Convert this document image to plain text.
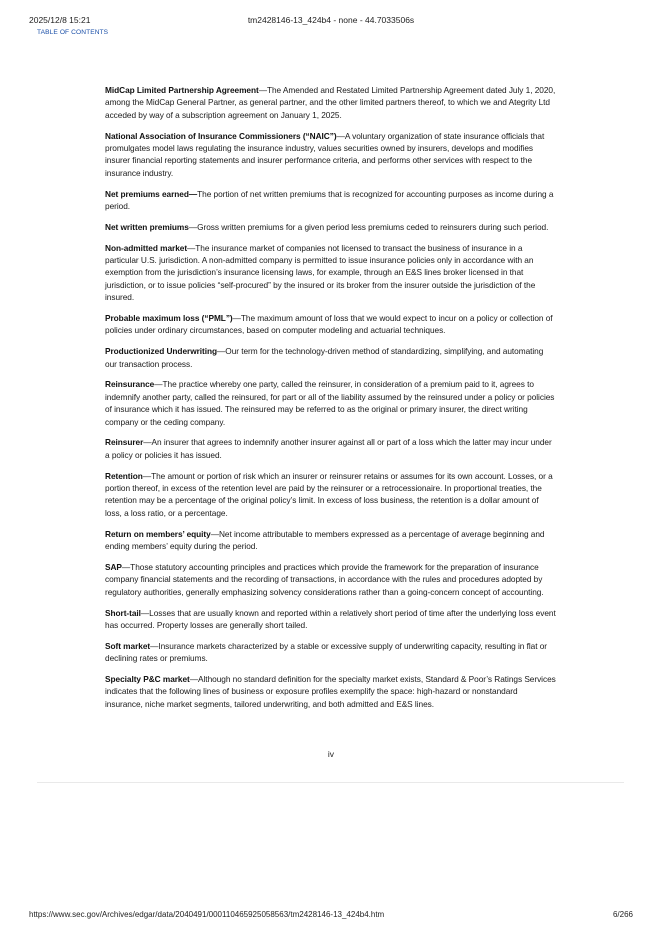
2025/12/8 15:21	tm2428146-13_424b4 - none - 44.7033506s
TABLE OF CONTENTS

MidCap Limited Partnership Agreement—The Amended and Restated Limited Partnership Agreement dated July 1, 2020, among the MidCap General Partner, as general partner, and the other limited partners thereof, to which we and Ategrity Ltd acceded by way of a subscription agreement on January 1, 2025.

National Association of Insurance Commissioners (“NAIC”)—A voluntary organization of state insurance officials that promulgates model laws regulating the insurance industry, values securities owned by insurers, develops and modifies insurer financial reporting statements and insurer performance criteria, and performs other services with respect to the insurance industry.

Net premiums earned—The portion of net written premiums that is recognized for accounting purposes as income during a period.

Net written premiums—Gross written premiums for a given period less premiums ceded to reinsurers during such period.

Non-admitted market—The insurance market of companies not licensed to transact the business of insurance in a particular U.S. jurisdiction. A non-admitted company is permitted to issue insurance policies only in accordance with an exemption from the jurisdiction’s insurance licensing laws, for example, through an E&S lines broker licensed in that jurisdiction, or to issue policies “self-procured” by the insured or its broker from the insurer outside the jurisdiction of the insured.

Probable maximum loss (“PML”)—The maximum amount of loss that we would expect to incur on a policy or collection of policies under ordinary circumstances, based on computer modeling and actuarial techniques.

Productionized Underwriting—Our term for the technology-driven method of standardizing, simplifying, and automating our transaction process.

Reinsurance—The practice whereby one party, called the reinsurer, in consideration of a premium paid to it, agrees to indemnify another party, called the reinsured, for part or all of the liability assumed by the reinsured under a policy or policies of insurance which it has issued. The reinsured may be referred to as the original or primary insurer, the direct writing company or the ceding company.

Reinsurer—An insurer that agrees to indemnify another insurer against all or part of a loss which the latter may incur under a policy or policies it has issued.

Retention—The amount or portion of risk which an insurer or reinsurer retains or assumes for its own account. Losses, or a portion thereof, in excess of the retention level are paid by the reinsurer or a retrocessionaire. In proportional treaties, the retention may be a percentage of the original policy’s limit. In excess of loss business, the retention is a dollar amount of loss, a loss ratio, or a percentage.

Return on members’ equity—Net income attributable to members expressed as a percentage of average beginning and ending members’ equity during the period.

SAP—Those statutory accounting principles and practices which provide the framework for the preparation of insurance company financial statements and the recording of transactions, in accordance with the rules and procedures adopted by regulatory authorities, generally emphasizing solvency considerations rather than a going-concern concept of accounting.

Short-tail—Losses that are usually known and reported within a relatively short period of time after the underlying loss event has occurred. Property losses are generally short tailed.

Soft market—Insurance markets characterized by a stable or excessive supply of underwriting capacity, resulting in flat or declining rates or premiums.

Specialty P&C market—Although no standard definition for the specialty market exists, Standard & Poor’s Ratings Services indicates that the following lines of business or exposure profiles exemplify the space: high-hazard or nonstandard insurance, niche market segments, tailored underwriting, and both admitted and E&S lines.

iv
https://www.sec.gov/Archives/edgar/data/2040491/000110465925058563/tm2428146-13_424b4.htm	6/266
